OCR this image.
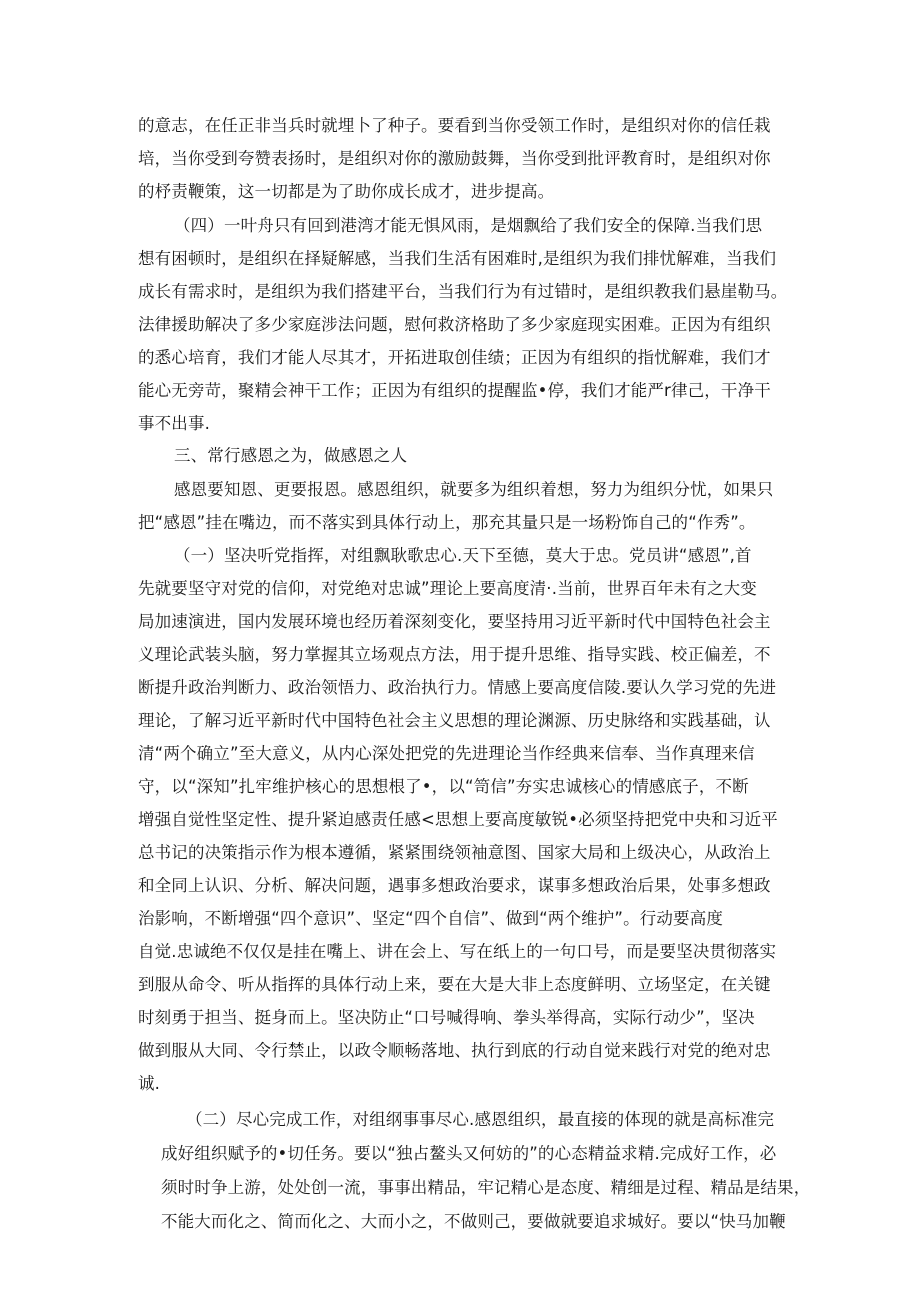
的意志，在任正非当兵时就埋卜了种子。要看到当你受领工作时，是组织对你的信任栽
培，当你受到夸赞表扬时，是组织对你的激励鼓舞，当你受到批评教育时，是组织对你
的杼责鞭策，这一切都是为了助你成长成才，进步提高。
（四）一叶舟只有回到港湾才能无惧风雨，是烟飘给了我们安全的保障.当我们思
想有困顿时，是组织在择疑解感，当我们生活有困难时,是组织为我们排忧解难，当我们
成长有需求时，是组织为我们搭建平台，当我们行为有过错时，是组织教我们悬崖勒马。
法律援助解决了多少家庭涉法问题，慰何救济格助了多少家庭现实困难。正因为有组织
的悉心培育，我们才能人尽其才，开拓进取创佳绩；正因为有组织的指忧解难，我们才
能心无旁苛，聚精会神干工作；正因为有组织的提醒监•停，我们才能严r律己，干净干
事不出事.
三、常行感恩之为，做感恩之人
感恩要知恩、更要报恩。感恩组织，就要多为组织着想，努力为组织分忧，如果只
把“感恩”挂在嘴边，而不落实到具体行动上，那充其量只是一场粉饰自己的“作秀”。
（一）坚决听党指挥，对组飘耿歌忠心.天下至德，莫大于忠。党员讲“感恩”,首
先就要坚守对党的信仰，对党绝对忠诚”理论上要高度清·.当前，世界百年未有之大变
局加速演进，国内发展环境也经历着深刻变化，要坚持用习近平新时代中国特色社会主
义理论武装头脑，努力掌握其立场观点方法，用于提升思维、指导实践、校正偏差，不
断提升政治判断力、政治领悟力、政治执行力。情感上要高度信陵.要认久学习党的先进
理论，了解习近平新时代中国特色社会主义思想的理论渊源、历史脉络和实践基础，认
清“两个确立”至大意义，从内心深处把党的先进理论当作经典来信奉、当作真理来信
守，以“深知”扎牢维护核心的思想根了•，以“笥信”夯实忠诚核心的情感底子，不断
增强自觉性坚定性、提升紧迫感责任感<思想上要高度敏锐•必须坚持把党中央和习近平
总书记的决策指示作为根本遵循，紧紧围绕领袖意图、国家大局和上级决心，从政治上
和全同上认识、分析、解决问题，遇事多想政治要求，谋事多想政治后果，处事多想政
治影响，不断增强“四个意识”、坚定“四个自信”、做到“两个维护”。行动要高度
自觉.忠诚绝不仅仅是挂在嘴上、讲在会上、写在纸上的一句口号，而是要坚决贯彻落实
到服从命令、听从指挥的具体行动上来，要在大是大非上态度鲜明、立场坚定，在关键
时刻勇于担当、挺身而上。坚决防止“口号喊得响、拳头举得高，实际行动少”，坚决
做到服从大同、令行禁止，以政令顺畅落地、执行到底的行动自觉来践行对党的绝对忠
诚.
（二）尽心完成工作，对组纲事事尽心.感恩组织，最直接的体现的就是高标准完
成好组织赋予的•切任务。要以“独占鳌头又何妨的”的心态精益求精.完成好工作，必
须时时争上游，处处创一流，事事出精品，牢记精心是态度、精细是过程、精品是结果，
不能大而化之、简而化之、大而小之，不做则己，要做就要追求城好。要以“快马加鞭
